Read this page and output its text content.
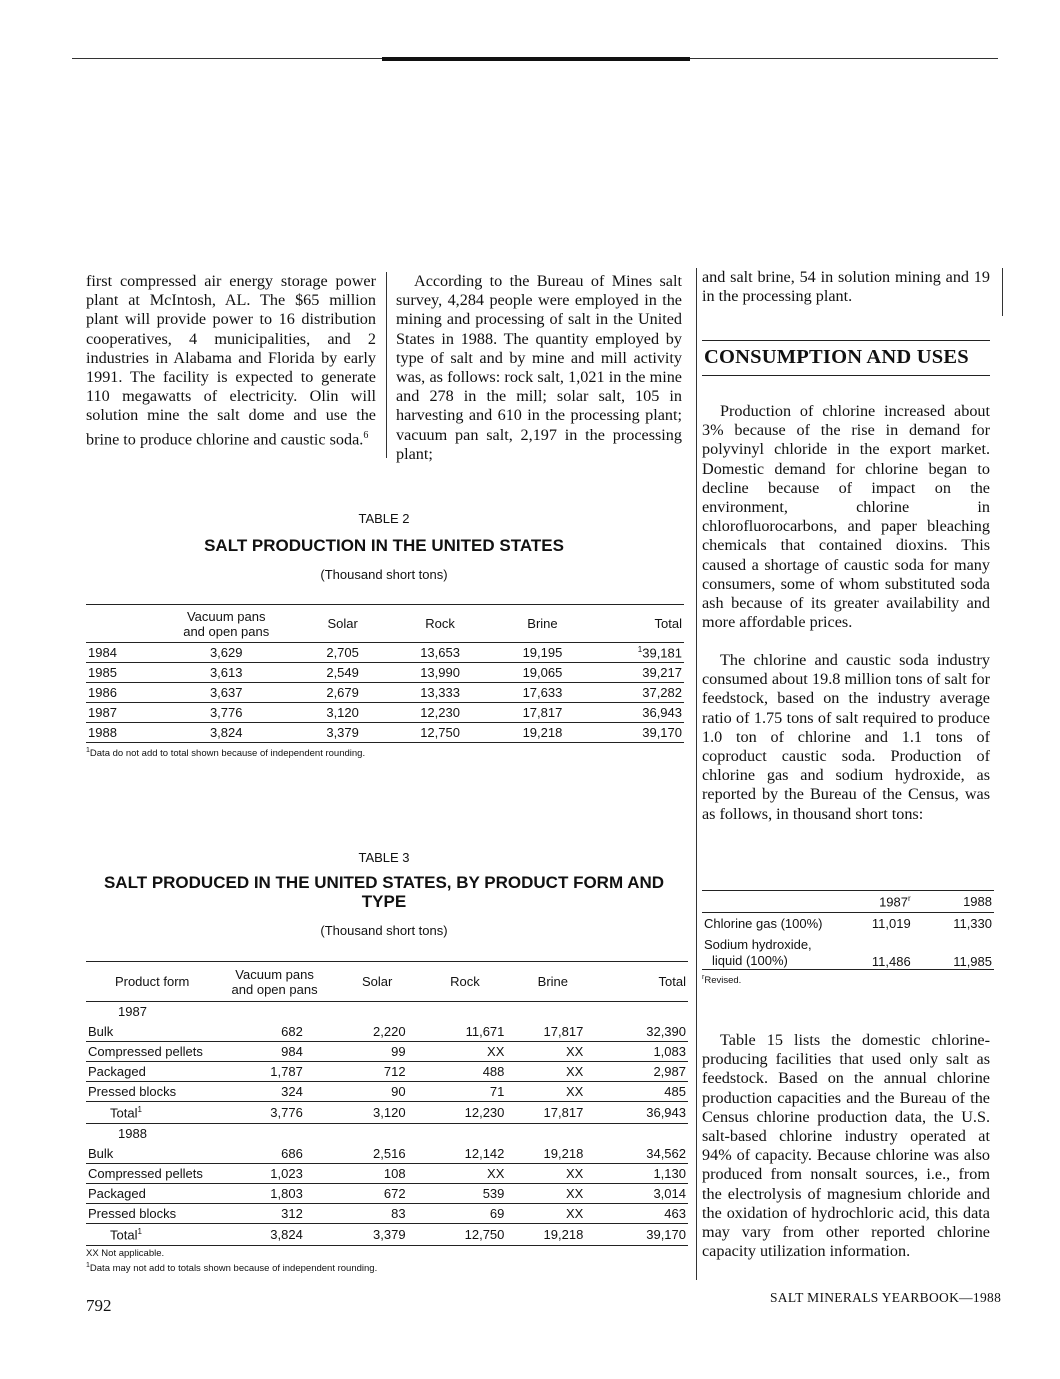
first compressed air energy storage power plant at McIntosh, AL. The $65 million plant will provide power to 16 distribution cooperatives, 4 municipalities, and 2 industries in Alabama and Florida by early 1991. The facility is expected to generate 110 megawatts of electricity. Olin will solution mine the salt dome and use the brine to produce chlorine and caustic soda.$^6$

According to the Bureau of Mines salt survey, 4,284 people were employed in the mining and processing of salt in the United States in 1988. The quantity employed by type of salt and by mine and mill activity was, as follows: rock salt, 1,021 in the mine and 278 in the mill; solar salt, 105 in harvesting and 610 in the processing plant; vacuum pan salt, 2,197 in the processing plant;

and salt brine, 54 in solution mining and 19 in the processing plant.

CONSUMPTION AND USES

Production of chlorine increased about 3% because of the rise in demand for polyvinyl chloride in the export market. Domestic demand for chlorine began to decline because of impact on the environment, chlorine in chlorofluorocarbons, and paper bleaching chemicals that contained dioxins. This caused a shortage of caustic soda for many consumers, some of whom substituted soda ash because of its greater availability and more affordable prices.

The chlorine and caustic soda industry consumed about 19.8 million tons of salt for feedstock, based on the industry average ratio of 1.75 tons of salt required to produce 1.0 ton of chlorine and 1.1 tons of coproduct caustic soda. Production of chlorine gas and sodium hydroxide, as reported by the Bureau of the Census, was as follows, in thousand short tons:

	1987$^r$	1988
Chlorine gas (100%)	11,019	11,330
Sodium hydroxide,
liquid (100%)	11,486	11,985
$^r$Revised.

Table 15 lists the domestic chlorine-producing facilities that used only salt as feedstock. Based on the annual chlorine production capacities and the Bureau of the Census chlorine production data, the U.S. salt-based chlorine industry operated at 94% of capacity. Because chlorine was also produced from nonsalt sources, i.e., from the electrolysis of magnesium chloride and the oxidation of hydrochloric acid, this data may vary from other reported chlorine capacity utilization information.

TABLE 2
SALT PRODUCTION IN THE UNITED STATES
(Thousand short tons)
	Vacuum pans
and open pans	Solar	Rock	Brine	Total
1984	3,629	2,705	13,653	19,195	$^1$39,181
1985	3,613	2,549	13,990	19,065	39,217
1986	3,637	2,679	13,333	17,633	37,282
1987	3,776	3,120	12,230	17,817	36,943
1988	3,824	3,379	12,750	19,218	39,170
$^1$Data do not add to total shown because of independent rounding.
TABLE 3
SALT PRODUCED IN THE UNITED STATES, BY PRODUCT FORM AND
TYPE
(Thousand short tons)
Product form	Vacuum pans
and open pans	Solar	Rock	Brine	Total
1987					
Bulk	682	2,220	11,671	17,817	32,390
Compressed pellets	984	99	XX	XX	1,083
Packaged	1,787	712	488	XX	2,987
Pressed blocks	324	90	71	XX	485
Total$^1$	3,776	3,120	12,230	17,817	36,943
1988					
Bulk	686	2,516	12,142	19,218	34,562
Compressed pellets	1,023	108	XX	XX	1,130
Packaged	1,803	672	539	XX	3,014
Pressed blocks	312	83	69	XX	463
Total$^1$	3,824	3,379	12,750	19,218	39,170
XX Not applicable.
$^1$Data may not add to totals shown because of independent rounding.
792	SALT MINERALS YEARBOOK—1988
